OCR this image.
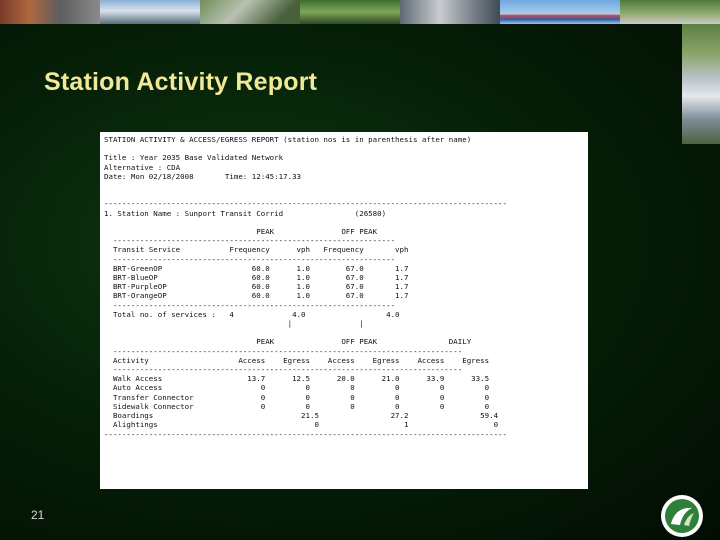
Station Activity Report
STATION ACTIVITY & ACCESS/EGRESS REPORT (station nos is in parenthesis after name)

Title : Year 2035 Base Validated Network
Alternative : CDA
Date: Mon 02/18/2008       Time: 12:45:17.33

------------------------------------------------------------------------------------------
1. Station Name : Sunport Transit Corrid                (26580)

PEAK               OFF PEAK
---------------------------------------------------------------
Transit Service           Frequency      vph   Frequency       vph
---------------------------------------------------------------
BRT-GreenOP                    60.0      1.0        67.0       1.7
BRT-BlueOP                     60.0      1.0        67.0       1.7
BRT-PurpleOP                   60.0      1.0        67.0       1.7
BRT-OrangeOP                   60.0      1.0        67.0       1.7
---------------------------------------------------------------
Total no. of services :   4             4.0                  4.0
|               |

PEAK               OFF PEAK                DAILY
------------------------------------------------------------------------------
Activity                    Access    Egress    Access    Egress    Access    Egress
------------------------------------------------------------------------------
Walk Access                   13.7      12.5      20.0      21.0      33.9      33.5
Auto Access                      0         0         0         0         0         0
Transfer Connector               0         0         0         0         0         0
Sidewalk Connector               0         0         0         0         0         0
Boardings                                 21.5                27.2                59.4
Alightings                                   0                   1                   0
------------------------------------------------------------------------------------------
21
